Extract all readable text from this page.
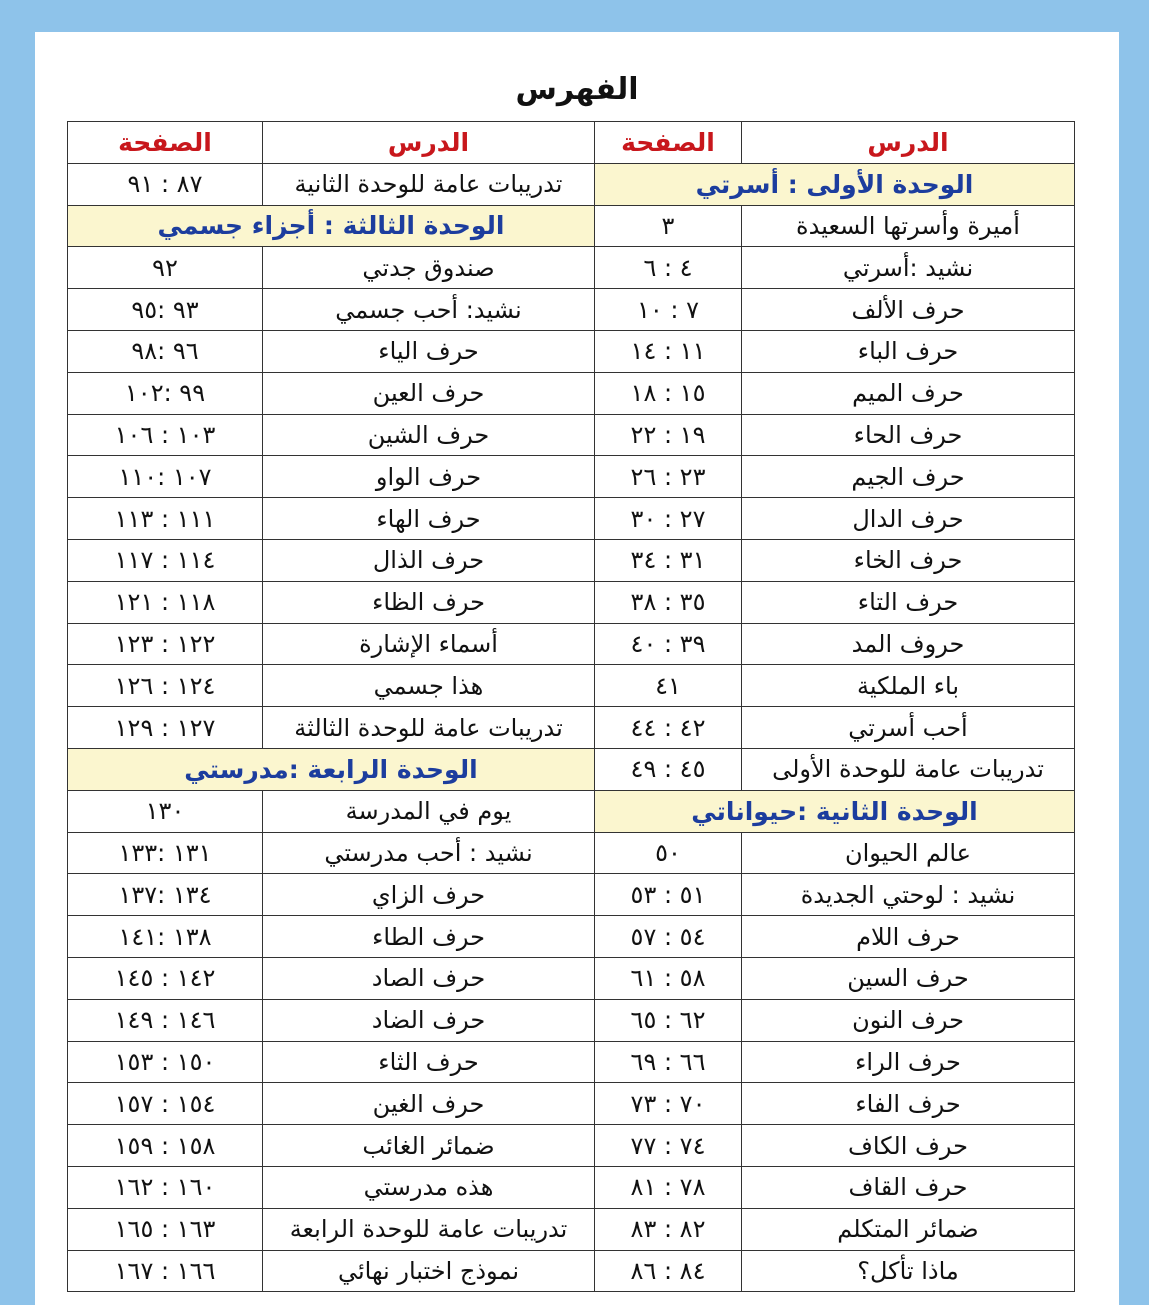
الفهرس
الدرس	الصفحة	الدرس	الصفحة
الوحدة الأولى : أسرتي		تدريبات عامة للوحدة الثانية	٨٧ : ٩١
أميرة وأسرتها السعيدة	٣	الوحدة الثالثة : أجزاء جسمي	
نشيد :أسرتي	٤ : ٦	صندوق جدتي	٩٢
حرف الألف	٧ : ١٠	نشيد: أحب جسمي	٩٣ :٩٥
حرف الباء	١١ : ١٤	حرف الياء	٩٦ :٩٨
حرف الميم	١٥ : ١٨	حرف العين	٩٩ :١٠٢
حرف الحاء	١٩ : ٢٢	حرف الشين	١٠٣ : ١٠٦
حرف الجيم	٢٣ : ٢٦	حرف الواو	١٠٧ :١١٠
حرف الدال	٢٧ : ٣٠	حرف الهاء	١١١ : ١١٣
حرف الخاء	٣١ : ٣٤	حرف الذال	١١٤ : ١١٧
حرف التاء	٣٥ : ٣٨	حرف الظاء	١١٨ : ١٢١
حروف المد	٣٩ : ٤٠	أسماء الإشارة	١٢٢ : ١٢٣
باء الملكية	٤١	هذا جسمي	١٢٤ : ١٢٦
أحب أسرتي	٤٢ : ٤٤	تدريبات عامة للوحدة الثالثة	١٢٧ : ١٢٩
تدريبات عامة للوحدة الأولى	٤٥ : ٤٩	الوحدة الرابعة :مدرستي	
الوحدة الثانية :حيواناتي		يوم في المدرسة	١٣٠
عالم الحيوان	٥٠	نشيد : أحب مدرستي	١٣١ :١٣٣
نشيد : لوحتي الجديدة	٥١ : ٥٣	حرف الزاي	١٣٤ :١٣٧
حرف اللام	٥٤ : ٥٧	حرف الطاء	١٣٨ :١٤١
حرف السين	٥٨ : ٦١	حرف الصاد	١٤٢ : ١٤٥
حرف النون	٦٢ : ٦٥	حرف الضاد	١٤٦ : ١٤٩
حرف الراء	٦٦ : ٦٩	حرف الثاء	١٥٠ : ١٥٣
حرف الفاء	٧٠ : ٧٣	حرف الغين	١٥٤ : ١٥٧
حرف الكاف	٧٤ : ٧٧	ضمائر الغائب	١٥٨ : ١٥٩
حرف القاف	٧٨ : ٨١	هذه مدرستي	١٦٠ : ١٦٢
ضمائر المتكلم	٨٢ : ٨٣	تدريبات عامة للوحدة الرابعة	١٦٣ : ١٦٥
ماذا تأكل؟	٨٤ : ٨٦	نموذج اختبار نهائي	١٦٦ : ١٦٧
